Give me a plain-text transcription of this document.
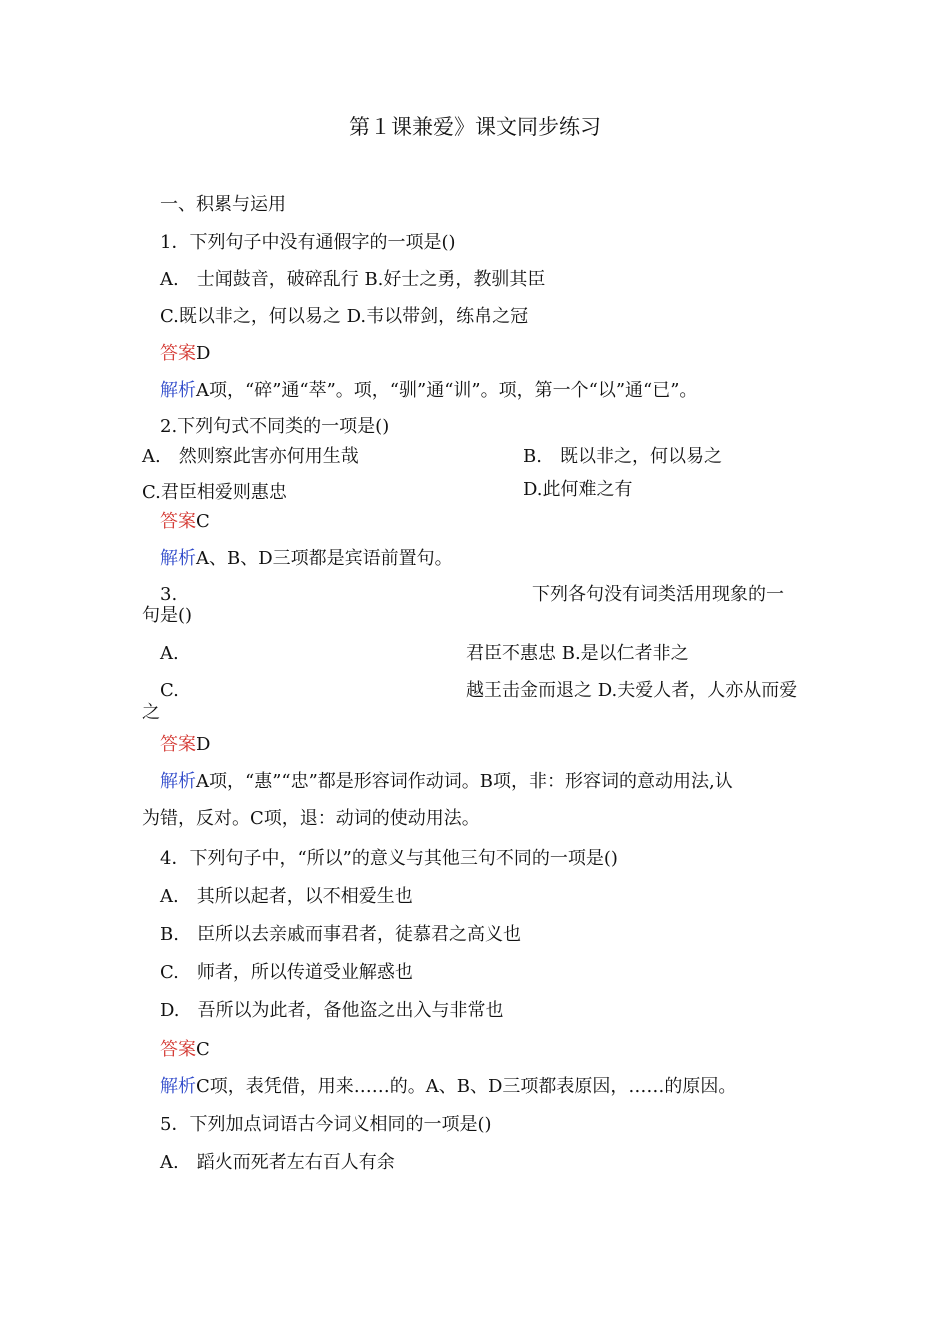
第１课兼爱》课文同步练习
一、积累与运用
1．下列句子中没有通假字的一项是()
A.　士闻鼓音，破碎乱行 B.好士之勇，教驯其臣
C.既以非之，何以易之 D.韦以带剑，练帛之冠
答案D
解析A项，“碎”通“萃”。项，“驯”通“训”。项，第一个“以”通“已”。
2.下列句式不同类的一项是()
A.　然则察此害亦何用生哉	B.　既以非之，何以易之
C.君臣相爱则惠忠	D.此何难之有
答案C
解析A、B、D三项都是宾语前置句。
3.	下列各句没有词类活用现象的一
句是()
A.	君臣不惠忠 B.是以仁者非之
C.	越王击金而退之 D.夫爱人者，人亦从而爱
之
答案D
解析A项，“惠”“忠”都是形容词作动词。B项，非：形容词的意动用法,认
为错，反对。C项，退：动词的使动用法。
4．下列句子中，“所以”的意义与其他三句不同的一项是()
A.　其所以起者，以不相爱生也
B.　臣所以去亲戚而事君者，徒慕君之高义也
C.　师者，所以传道受业解惑也
D.　吾所以为此者，备他盗之出入与非常也
答案C
解析C项，表凭借，用来……的。A、B、D三项都表原因，……的原因。
5．下列加点词语古今词义相同的一项是()
A.　蹈火而死者左右百人有余
